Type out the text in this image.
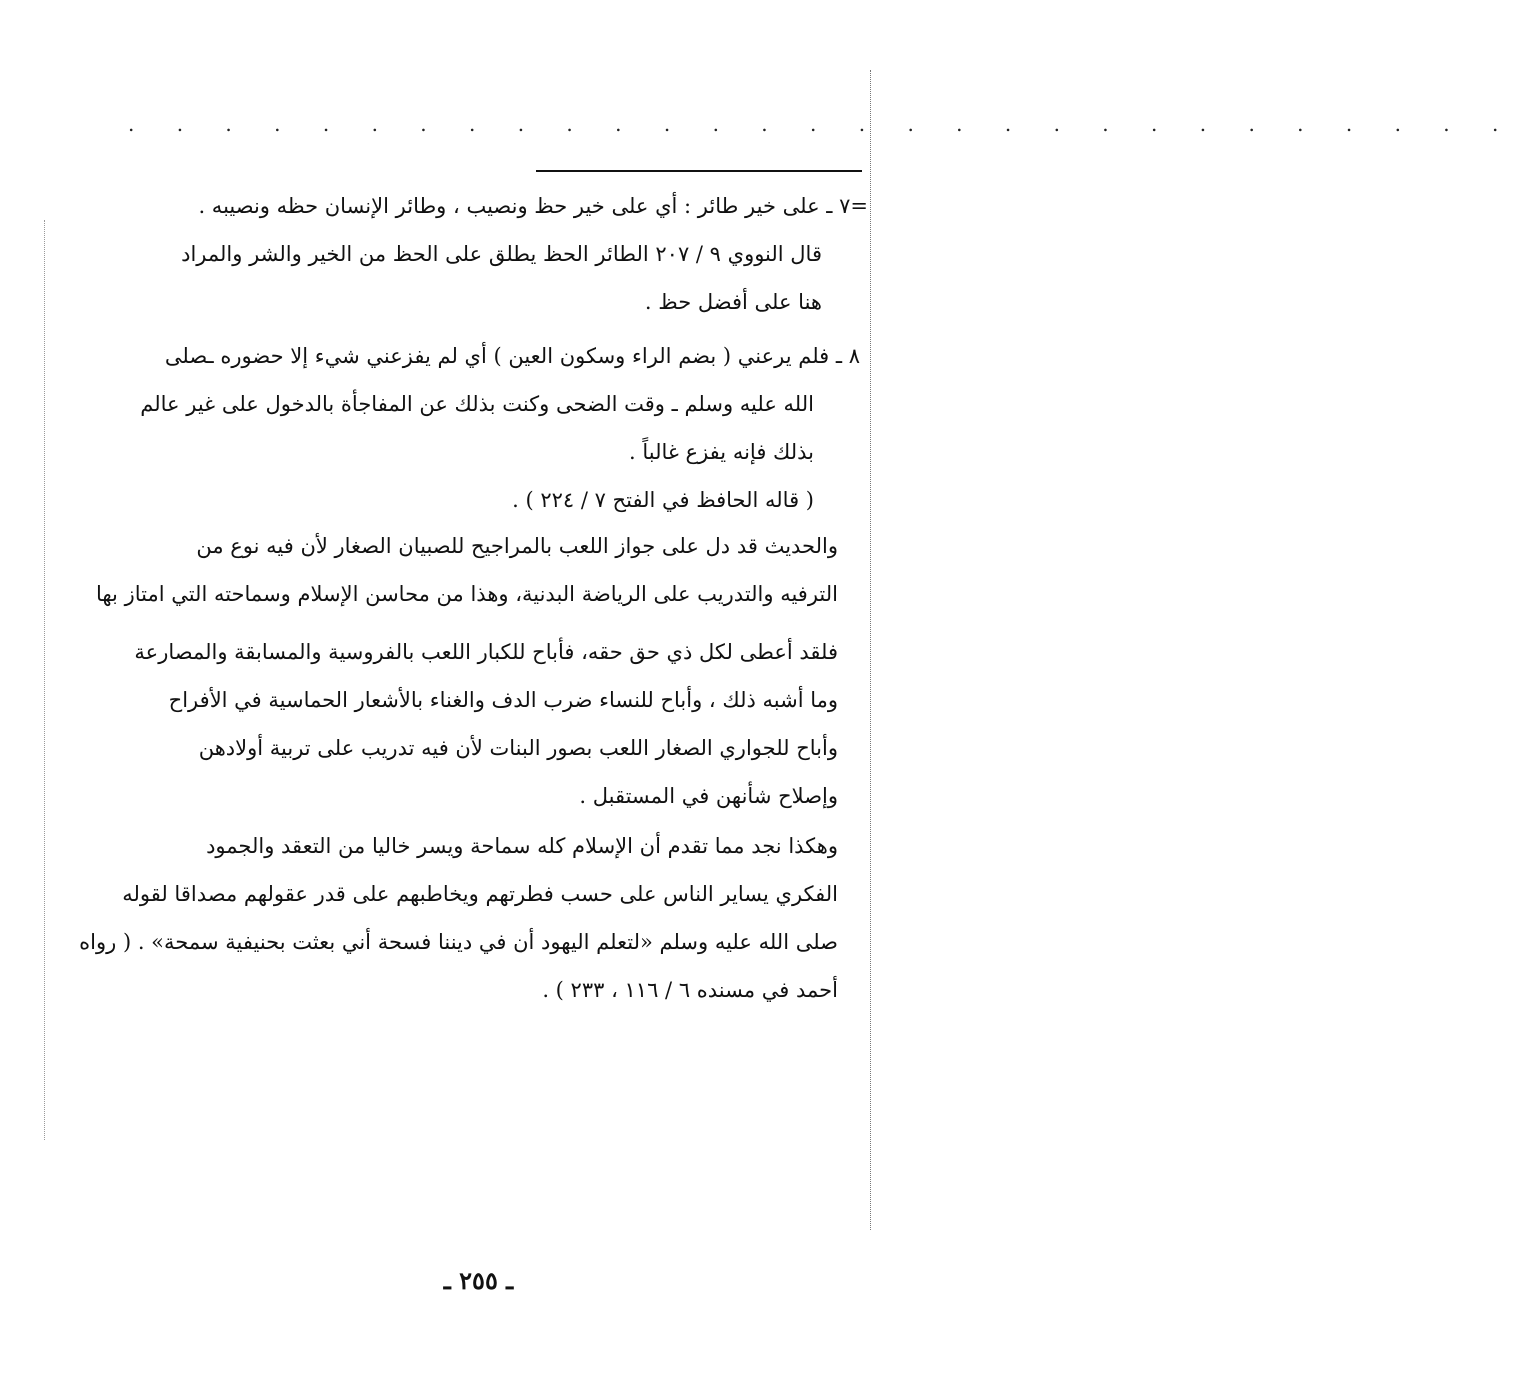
. . . . . . . . . . . . . . . . . . . . . . . . . . . . .
=٧ ـ على خير طائر : أي على خير حظ ونصيب ، وطائر الإنسان حظه ونصيبه .
قال النووي ٩ / ٢٠٧ الطائر الحظ يطلق على الحظ من الخير والشر والمراد
هنا على أفضل حظ .
٨ ـ فلم يرعني ( بضم الراء وسكون العين ) أي لم يفزعني شيء إلا حضوره ـصلى
الله عليه وسلم ـ وقت الضحى وكنت بذلك عن المفاجأة بالدخول على غير عالم
بذلك فإنه يفزع غالباً .
( قاله الحافظ في الفتح ٧ / ٢٢٤ ) .
والحديث قد دل على جواز اللعب بالمراجيح للصبيان الصغار لأن فيه نوع من
الترفيه والتدريب على الرياضة البدنية، وهذا من محاسن الإسلام وسماحته التي امتاز بها
فلقد أعطى لكل ذي حق حقه، فأباح للكبار اللعب بالفروسية والمسابقة والمصارعة
وما أشبه ذلك ، وأباح للنساء ضرب الدف والغناء بالأشعار الحماسية في الأفراح
وأباح للجواري الصغار اللعب بصور البنات لأن فيه تدريب على تربية أولادهن
وإصلاح شأنهن في المستقبل .
وهكذا نجد مما تقدم أن الإسلام كله سماحة ويسر خاليا من التعقد والجمود
الفكري يساير الناس على حسب فطرتهم ويخاطبهم على قدر عقولهم مصداقا لقوله
صلى الله عليه وسلم «لتعلم اليهود أن في ديننا فسحة أني بعثت بحنيفية سمحة» . ( رواه
أحمد في مسنده ٦ / ١١٦ ، ٢٣٣ ) .
ـ ٢٥٥ ـ
